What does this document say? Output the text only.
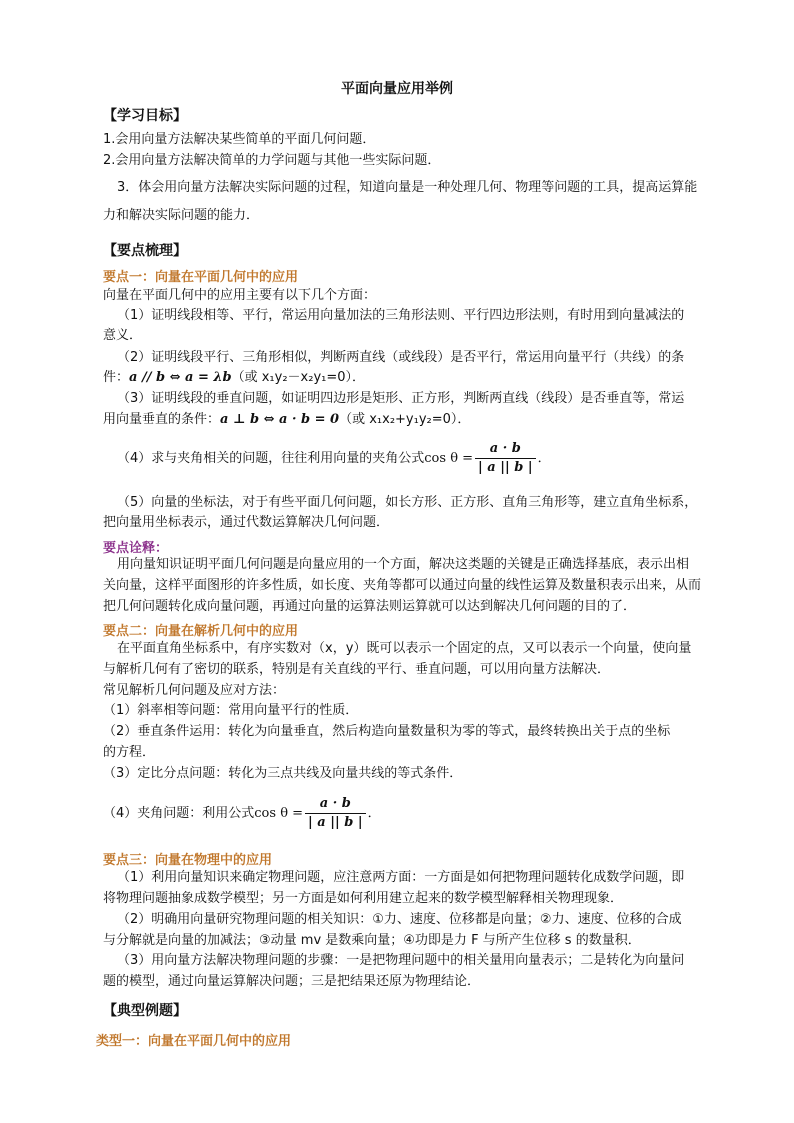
平面向量应用举例
【学习目标】
1.会用向量方法解决某些简单的平面几何问题．
2.会用向量方法解决简单的力学问题与其他一些实际问题．
3．体会用向量方法解决实际问题的过程，知道向量是一种处理几何、物理等问题的工具，提高运算能
力和解决实际问题的能力．
【要点梳理】
要点一：向量在平面几何中的应用
向量在平面几何中的应用主要有以下几个方面：
（1）证明线段相等、平行，常运用向量加法的三角形法则、平行四边形法则，有时用到向量减法的
意义．
（2）证明线段平行、三角形相似，判断两直线（或线段）是否平行，常运用向量平行（共线）的条
件：a // b ⇔ a = λb（或 x₁y₂－x₂y₁=0）．
（3）证明线段的垂直问题，如证明四边形是矩形、正方形，判断两直线（线段）是否垂直等，常运
用向量垂直的条件：a ⊥ b ⇔ a · b = 0（或 x₁x₂+y₁y₂=0）．
（4）求与夹角相关的问题，往往利用向量的夹角公式$\cos \theta = \frac{a \cdot b}{| a || b |}$ ．
（5）向量的坐标法，对于有些平面几何问题，如长方形、正方形、直角三角形等，建立直角坐标系，
把向量用坐标表示，通过代数运算解决几何问题．
要点诠释：
用向量知识证明平面几何问题是向量应用的一个方面，解决这类题的关键是正确选择基底，表示出相
关向量，这样平面图形的许多性质，如长度、夹角等都可以通过向量的线性运算及数量积表示出来，从而
把几何问题转化成向量问题，再通过向量的运算法则运算就可以达到解决几何问题的目的了．
要点二：向量在解析几何中的应用
在平面直角坐标系中，有序实数对（x，y）既可以表示一个固定的点，又可以表示一个向量，使向量
与解析几何有了密切的联系，特别是有关直线的平行、垂直问题，可以用向量方法解决．
常见解析几何问题及应对方法：
（1）斜率相等问题：常用向量平行的性质．
（2）垂直条件运用：转化为向量垂直，然后构造向量数量积为零的等式，最终转换出关于点的坐标
的方程．
（3）定比分点问题：转化为三点共线及向量共线的等式条件．
（4）夹角问题：利用公式$\cos \theta = \frac{a \cdot b}{| a || b |}$ ．
要点三：向量在物理中的应用
（1）利用向量知识来确定物理问题，应注意两方面：一方面是如何把物理问题转化成数学问题，即
将物理问题抽象成数学模型；另一方面是如何利用建立起来的数学模型解释相关物理现象．
（2）明确用向量研究物理问题的相关知识：①力、速度、位移都是向量；②力、速度、位移的合成
与分解就是向量的加减法；③动量 mv 是数乘向量；④功即是力 F 与所产生位移 s 的数量积．
（3）用向量方法解决物理问题的步骤：一是把物理问题中的相关量用向量表示；二是转化为向量问
题的模型，通过向量运算解决问题；三是把结果还原为物理结论．
【典型例题】
类型一：向量在平面几何中的应用
